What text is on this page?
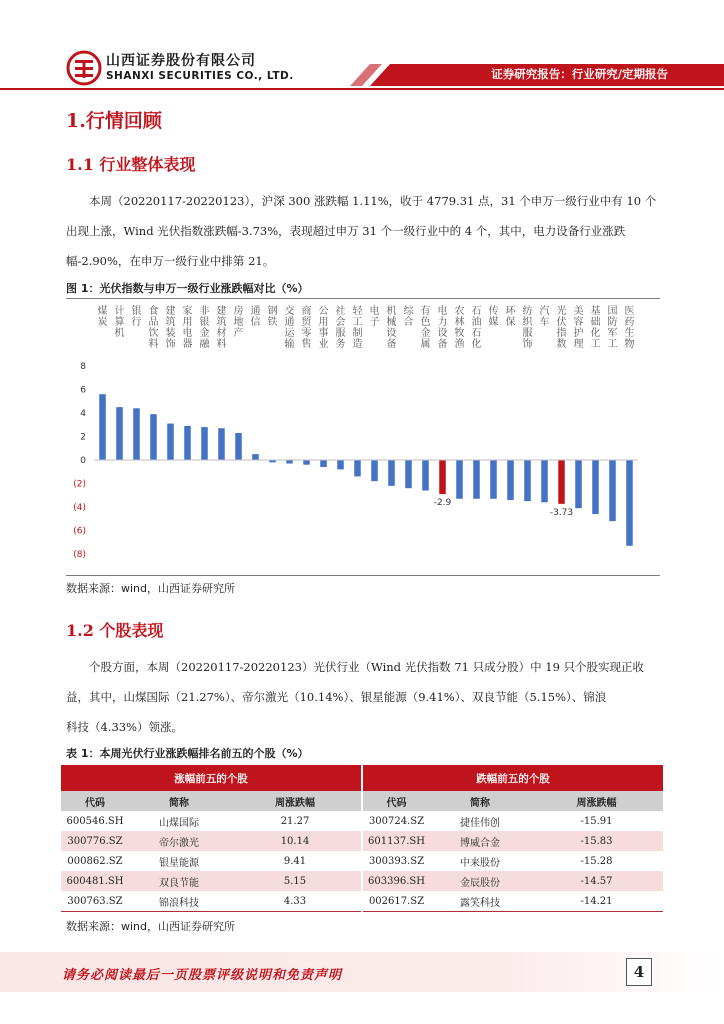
山西证券股份有限公司
SHANXI SECURITIES CO., LTD.	证券研究报告：行业研究/定期报告
1.行情回顾
1.1 行业整体表现
本周（20220117-20220123），沪深 300 涨跌幅 1.11%，收于 4779.31 点，31 个申万一级行业中有 10 个
出现上涨，Wind 光伏指数涨跌幅-3.73%，表现超过申万 31 个一级行业中的 4 个，其中，电力设备行业涨跌
幅-2.90%，在申万一级行业中排第 21。
图 1：光伏指数与申万一级行业涨跌幅对比（%）
8
6
4
2
0
(2)
(4)
(6)
(8)
煤炭
计算机
银行
食品饮料
建筑装饰
家用电器
非银金融
建筑材料
房地产
通信
钢铁
交通运输
商贸零售
公用事业
社会服务
轻工制造
电子
机械设备
综合
有色金属
电力设备
农林牧渔
石油石化
传媒
环保
纺织服饰
汽车
光伏指数
美容护理
基础化工
国防军工
医药生物
-2.9
-3.73
数据来源：wind，山西证券研究所
1.2 个股表现
个股方面，本周（20220117-20220123）光伏行业（Wind 光伏指数 71 只成分股）中 19 只个股实现正收
益，其中，山煤国际（21.27%）、帝尔激光（10.14%）、银星能源（9.41%）、双良节能（5.15%）、锦浪
科技（4.33%）领涨。
表 1：本周光伏行业涨跌幅排名前五的个股（%）
涨幅前五的个股			跌幅前五的个股		
代码	简称	周涨跌幅	代码	简称	周涨跌幅
600546.SH	山煤国际	21.27	300724.SZ	捷佳伟创	-15.91
300776.SZ	帝尔激光	10.14	601137.SH	博威合金	-15.83
000862.SZ	银星能源	9.41	300393.SZ	中来股份	-15.28
600481.SH	双良节能	5.15	603396.SH	金辰股份	-14.57
300763.SZ	锦浪科技	4.33	002617.SZ	露笑科技	-14.21
数据来源：wind，山西证券研究所
请务必阅读最后一页股票评级说明和免责声明	4
